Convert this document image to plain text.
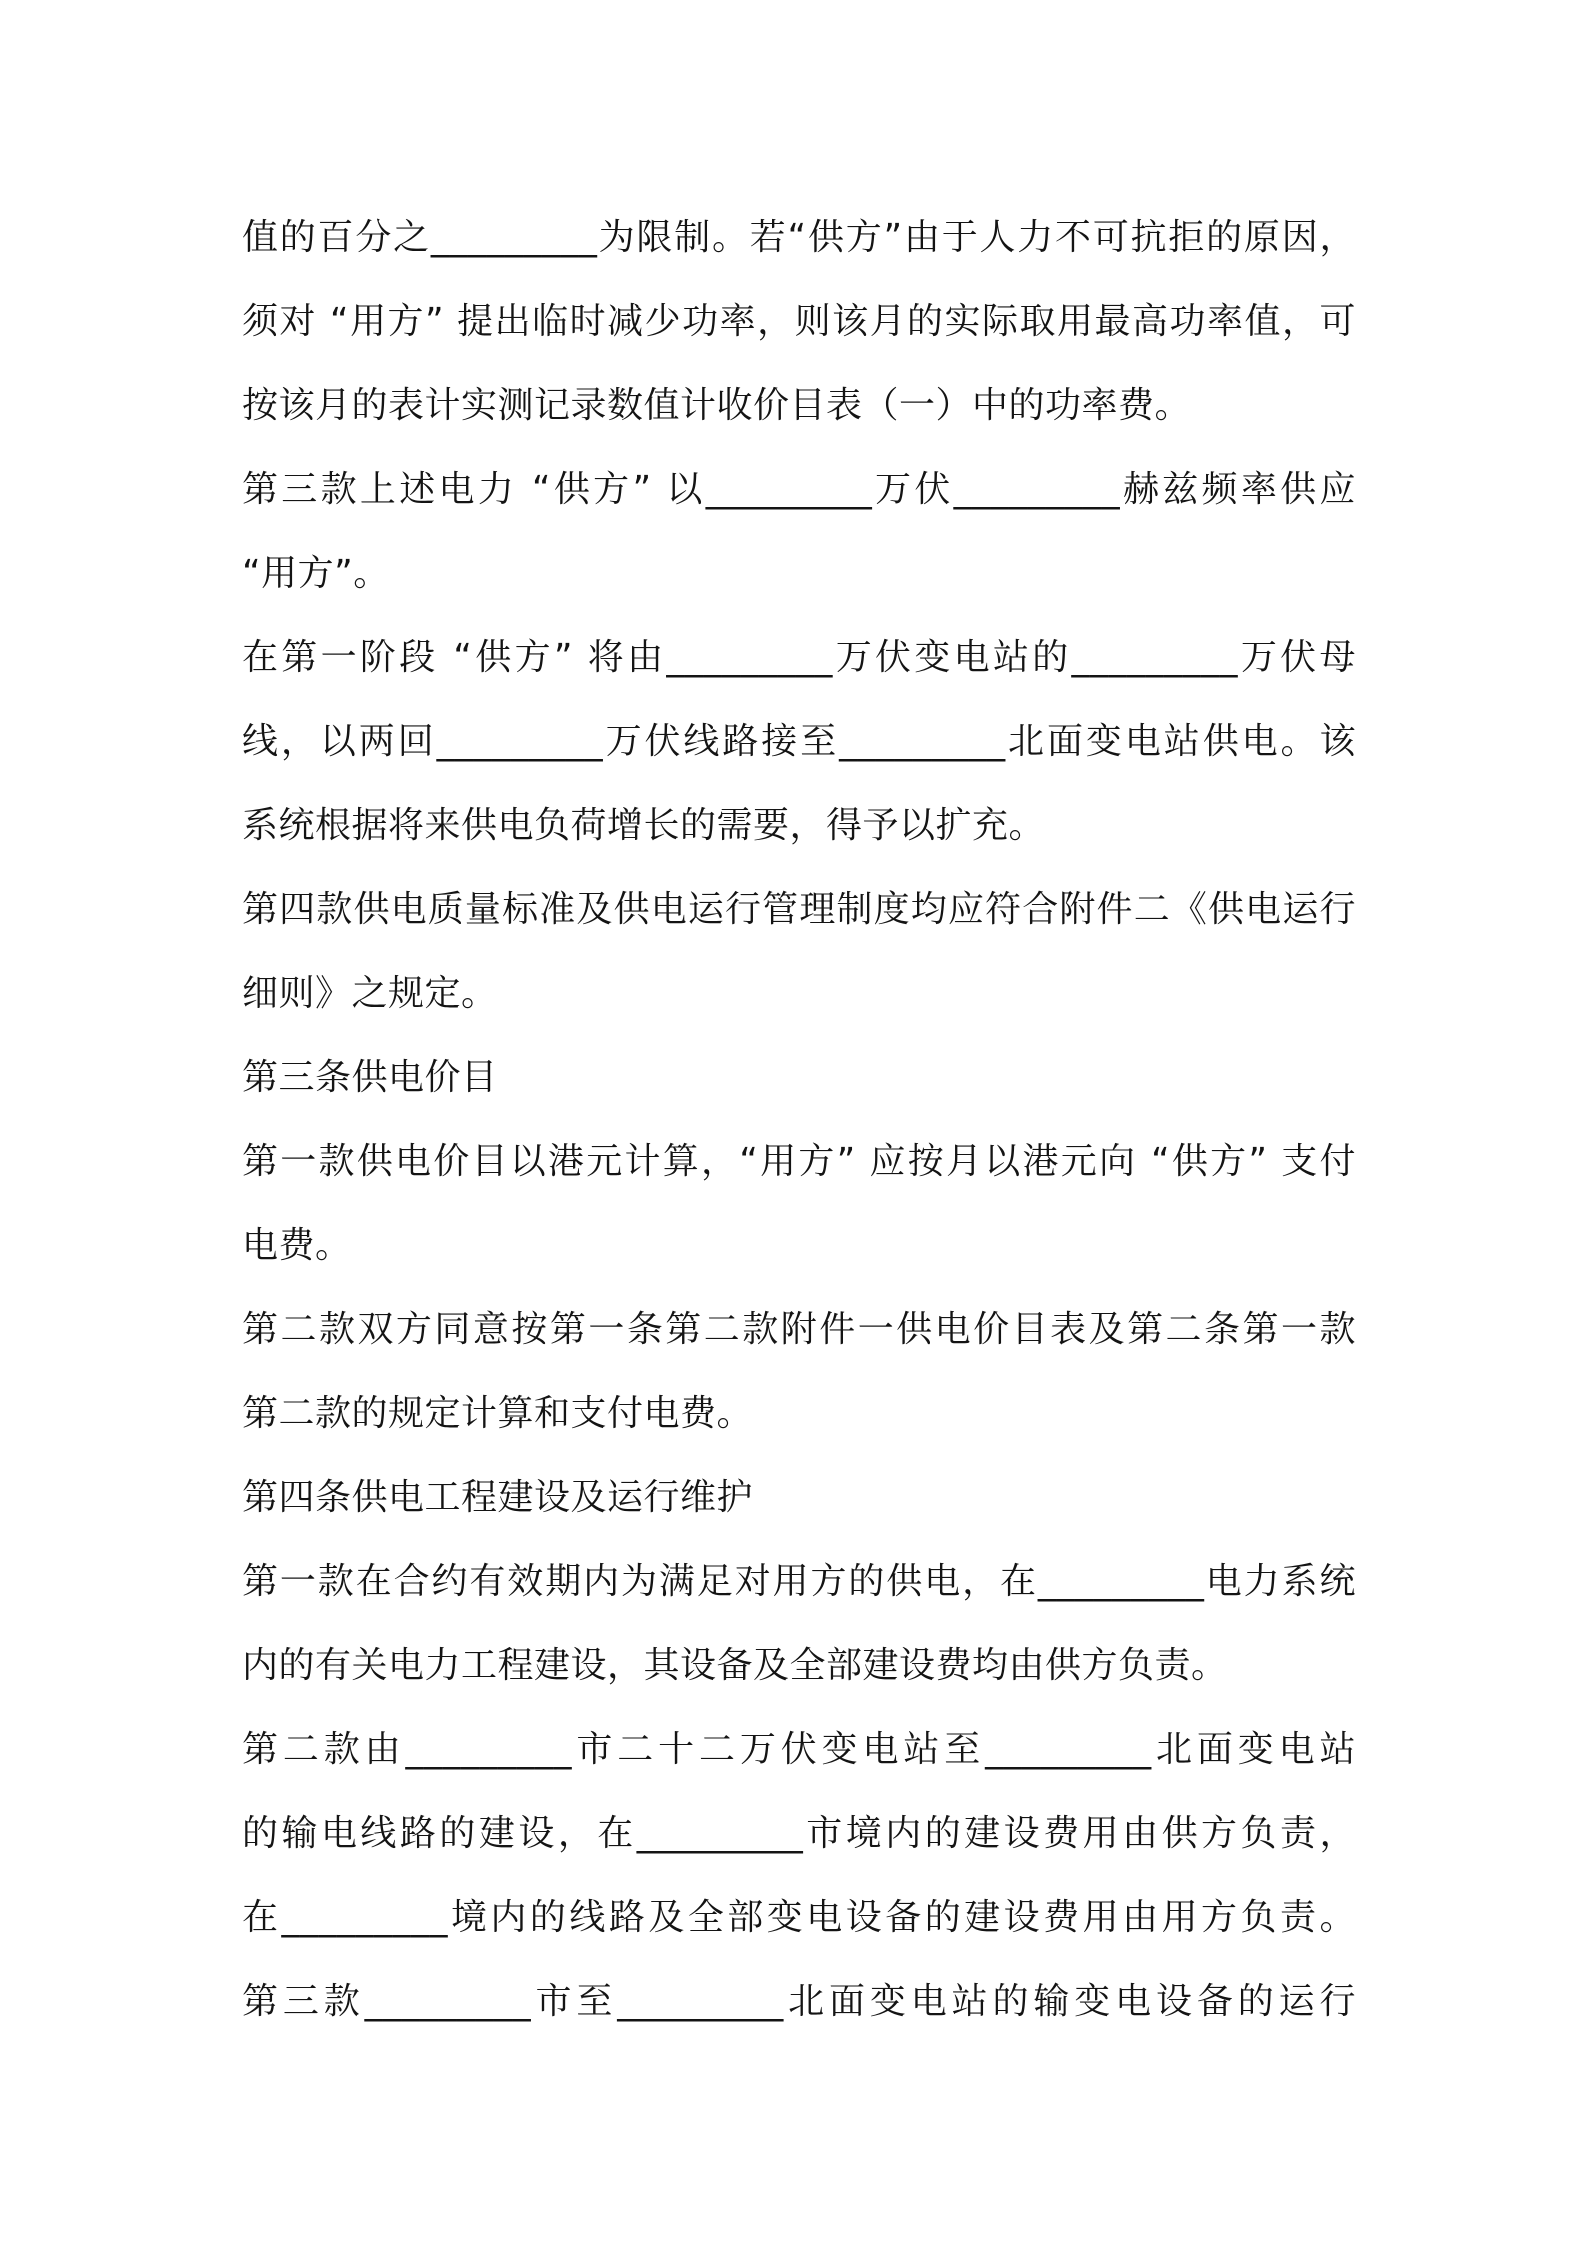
值的百分之_________为限制。若“供方”由于人力不可抗拒的原因，
须对 “用方” 提出临时减少功率，则该月的实际取用最高功率值，可
按该月的表计实测记录数值计收价目表（一）中的功率费。
第三款上述电力 “供方” 以_________万伏_________赫兹频率供应
“用方”。
在第一阶段 “供方” 将由_________万伏变电站的_________万伏母
线，以两回_________万伏线路接至_________北面变电站供电。该
系统根据将来供电负荷增长的需要，得予以扩充。
第四款供电质量标准及供电运行管理制度均应符合附件二《供电运行
细则》之规定。
第三条供电价目
第一款供电价目以港元计算，“用方” 应按月以港元向 “供方” 支付
电费。
第二款双方同意按第一条第二款附件一供电价目表及第二条第一款
第二款的规定计算和支付电费。
第四条供电工程建设及运行维护
第一款在合约有效期内为满足对用方的供电，在_________电力系统
内的有关电力工程建设，其设备及全部建设费均由供方负责。
第二款由_________市二十二万伏变电站至_________北面变电站
的输电线路的建设，在_________市境内的建设费用由供方负责，
在_________境内的线路及全部变电设备的建设费用由用方负责。
第三款_________市至_________北面变电站的输变电设备的运行
